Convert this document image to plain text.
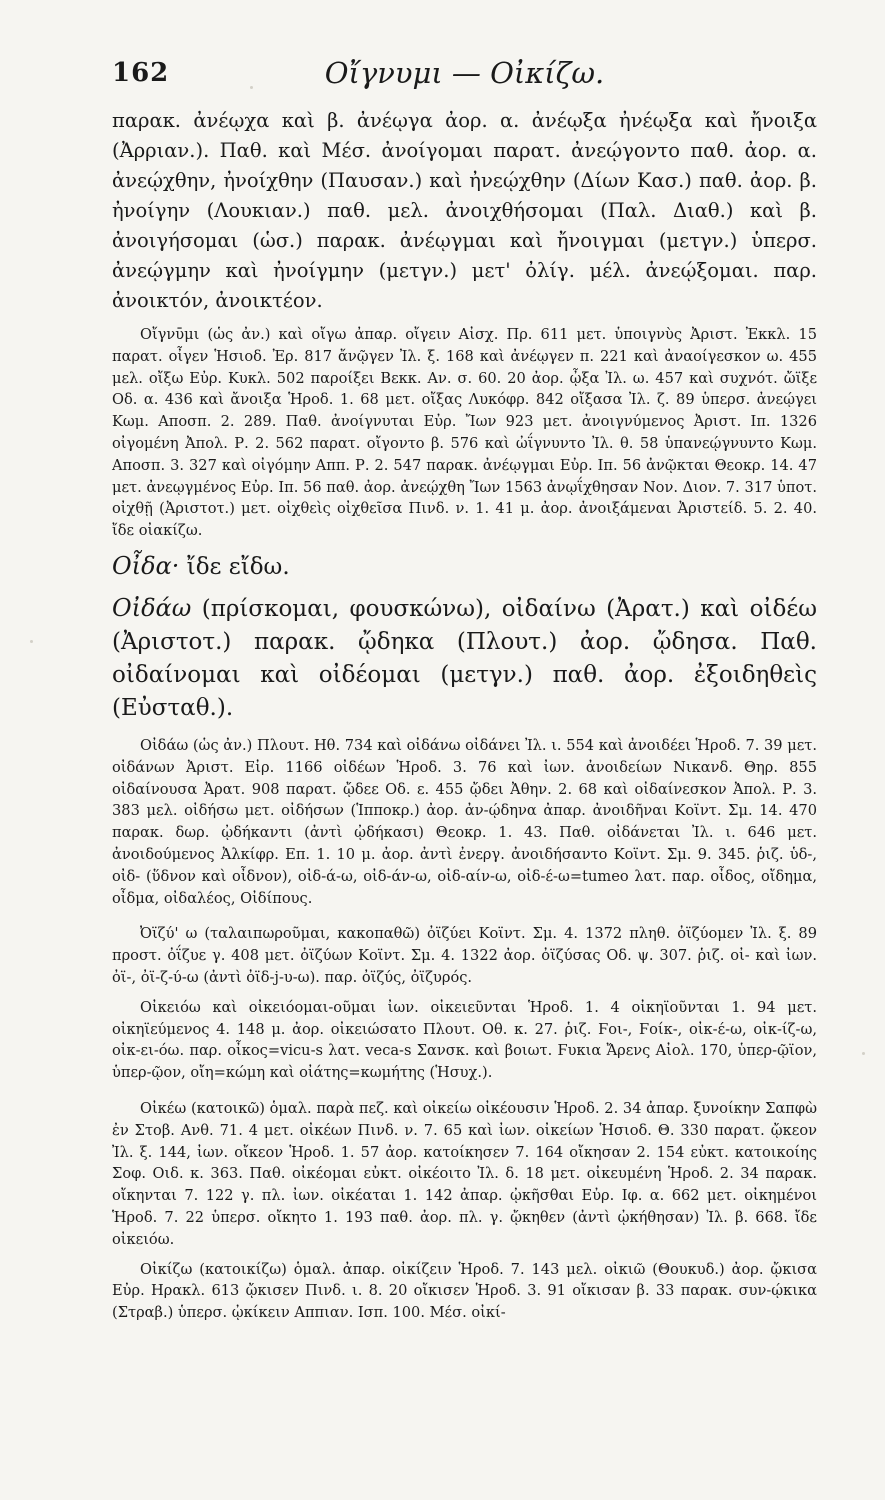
162	Οἴγνυμι — Οἰκίζω.

παρακ. ἀνέῳχα καὶ β. ἀνέῳγα ἀορ. α. ἀνέῳξα ἠνέῳξα καὶ ἤνοιξα (Ἀρριαν.). Παθ. καὶ Μέσ. ἀνοίγομαι παρατ. ἀνεῴγοντο παθ. ἀορ. α. ἀνεῴχθην, ἠνοίχθην (Παυσαν.) καὶ ἠνεῴχθην (Δίων Κασ.) παθ. ἀορ. β. ἠνοίγην (Λουκιαν.) παθ. μελ. ἀνοιχθήσομαι (Παλ. Διαθ.) καὶ β. ἀνοιγήσομαι (ὡσ.) παρακ. ἀνέῳγμαι καὶ ἤνοιγμαι (μετγν.) ὑπερσ. ἀνεῴγμην καὶ ἠνοίγμην (μετγν.) μετ' ὀλίγ. μέλ. ἀνεῴξομαι. παρ. ἀνοικτόν, ἀνοικτέον.

Οἴγνῡμι (ὡς ἀν.) καὶ οἴγω ἀπαρ. οἴγειν Αἰσχ. Πρ. 611 μετ. ὑποιγνὺς Ἀριστ. Ἐκκλ. 15 παρατ. οἶγεν Ἡσιοδ. Ἐρ. 817 ἄνῷγεν Ἰλ. ξ. 168 καὶ ἀνέῳγεν π. 221 καὶ ἀναοίγεσκον ω. 455 μελ. οἴξω Εὐρ. Κυκλ. 502 παροίξει Βεκκ. Αν. σ. 60. 20 ἀορ. ᾦξα Ἰλ. ω. 457 καὶ συχνότ. ὤϊξε Οδ. α. 436 καὶ ἄνοιξα Ἡροδ. 1. 68 μετ. οἴξας Λυκόφρ. 842 οἴξασα Ἰλ. ζ. 89 ὑπερσ. ἀνεῴγει Κωμ. Αποσπ. 2. 289. Παθ. ἀνοίγνυται Εὐρ. Ἴων 923 μετ. ἀνοιγνύμενος Ἀριστ. Ιπ. 1326 οἰγομένη Ἀπολ. Ρ. 2. 562 παρατ. οἴγοντο β. 576 καὶ ὠΐγνυντο Ἰλ. θ. 58 ὑπανεῴγνυντο Κωμ. Αποσπ. 3. 327 καὶ οἰγόμην Αππ. Ρ. 2. 547 παρακ. ἀνέῳγμαι Εὐρ. Ιπ. 56 ἀνῷκται Θεοκρ. 14. 47 μετ. ἀνεῳγμένος Εὐρ. Ιπ. 56 παθ. ἀορ. ἀνεῴχθη Ἴων 1563 ἀνῳΐχθησαν Νον. Διον. 7. 317 ὑποτ. οἰχθῇ (Ἀριστοτ.) μετ. οἰχθεὶς οἰχθεῖσα Πινδ. ν. 1. 41 μ. ἀορ. ἀνοιξάμεναι Ἀριστείδ. 5. 2. 40. ἴδε οἰακίζω.

Οἶδα· ἴδε εἴδω.

Οἰδάω (πρίσκομαι, φουσκώνω), οἰδαίνω (Ἀρατ.) καὶ οἰδέω (Ἀριστοτ.) παρακ. ᾤδηκα (Πλουτ.) ἀορ. ᾤδησα. Παθ. οἰδαίνομαι καὶ οἰδέομαι (μετγν.) παθ. ἀορ. ἐξοιδηθεὶς (Εὐσταθ.).

Οἰδάω (ὡς ἀν.) Πλουτ. Ηθ. 734 καὶ οἰδάνω οἰδάνει Ἰλ. ι. 554 καὶ ἀνοιδέει Ἡροδ. 7. 39 μετ. οἰδάνων Ἀριστ. Εἰρ. 1166 οἰδέων Ἡροδ. 3. 76 καὶ ἰων. ἀνοιδείων Νικανδ. Θηρ. 855 οἰδαίνουσα Ἀρατ. 908 παρατ. ᾤδεε Οδ. ε. 455 ᾤδει Ἀθην. 2. 68 καὶ οἰδαίνεσκον Ἀπολ. Ρ. 3. 383 μελ. οἰδήσω μετ. οἰδήσων (Ἱπποκρ.) ἀορ. ἀν-ῴδηνα ἀπαρ. ἀνοιδῆναι Κοϊντ. Σμ. 14. 470 παρακ. δωρ. ᾠδήκαντι (ἀντὶ ᾠδήκασι) Θεοκρ. 1. 43. Παθ. οἰδάνεται Ἰλ. ι. 646 μετ. ἀνοιδούμενος Ἀλκίφρ. Επ. 1. 10 μ. ἀορ. ἀντὶ ἐνεργ. ἀνοιδήσαντο Κοϊντ. Σμ. 9. 345. ῥιζ. ὑδ-, οἰδ- (ὕδνον καὶ οἶδνον), οἰδ-ά-ω, οἰδ-άν-ω, οἰδ-αίν-ω, οἰδ-έ-ω=tumeo λατ. παρ. οἶδος, οἴδημα, οἶδμα, οἰδαλέος, Οἰδίπους.

Ὀϊζύ' ω (ταλαιπωροῦμαι, κακοπαθῶ) ὀϊζύει Κοϊντ. Σμ. 4. 1372 πληθ. ὀϊζύομεν Ἰλ. ξ. 89 προστ. ὀΐζυε γ. 408 μετ. ὀϊζύων Κοϊντ. Σμ. 4. 1322 ἀορ. ὀϊζύσας Οδ. ψ. 307. ῥιζ. οἰ- καὶ ἰων. ὀϊ-, ὀϊ-ζ-ύ-ω (ἀντὶ ὀϊδ-j-υ-ω). παρ. ὀϊζύς, ὀϊζυρός.

Οἰκειόω καὶ οἰκειόομαι-οῦμαι ἰων. οἰκειεῦνται Ἡροδ. 1. 4 οἰκηϊοῦνται 1. 94 μετ. οἰκηϊεύμενος 4. 148 μ. ἀορ. οἰκειώσατο Πλουτ. Οθ. κ. 27. ῥιζ. Ϝοι-, Ϝοίκ-, οἰκ-έ-ω, οἰκ-ίζ-ω, οἰκ-ει-όω. παρ. οἶκος=vicu-s λατ. veca-s Σανσκ. καὶ βοιωτ. Ϝυκια Ἄρενς Αἰολ. 170, ὑπερ-ῷϊον, ὑπερ-ῷον, οἴη=κώμη καὶ οἰάτης=κωμήτης (Ἡσυχ.).

Οἰκέω (κατοικῶ) ὁμαλ. παρὰ πεζ. καὶ οἰκείω οἰκέουσιν Ἡροδ. 2. 34 ἀπαρ. ξυνοίκην Σαπφὼ ἐν Στοβ. Ανθ. 71. 4 μετ. οἰκέων Πινδ. ν. 7. 65 καὶ ἰων. οἰκείων Ἡσιοδ. Θ. 330 παρατ. ᾤκεον Ἰλ. ξ. 144, ἰων. οἴκεον Ἡροδ. 1. 57 ἀορ. κατοίκησεν 7. 164 οἴκησαν 2. 154 εὐκτ. κατοικοίης Σοφ. Οιδ. κ. 363. Παθ. οἰκέομαι εὐκτ. οἰκέοιτο Ἰλ. δ. 18 μετ. οἰκευμένη Ἡροδ. 2. 34 παρακ. οἴκηνται 7. 122 γ. πλ. ἰων. οἰκέαται 1. 142 ἀπαρ. ᾠκῆσθαι Εὐρ. Ιφ. α. 662 μετ. οἰκημένοι Ἡροδ. 7. 22 ὑπερσ. οἴκητο 1. 193 παθ. ἀορ. πλ. γ. ᾤκηθεν (ἀντὶ ᾠκήθησαν) Ἰλ. β. 668. ἴδε οἰκειόω.

Οἰκίζω (κατοικίζω) ὁμαλ. ἀπαρ. οἰκίζειν Ἡροδ. 7. 143 μελ. οἰκιῶ (Θουκυδ.) ἀορ. ᾤκισα Εὐρ. Ηρακλ. 613 ᾤκισεν Πινδ. ι. 8. 20 οἴκισεν Ἡροδ. 3. 91 οἴκισαν β. 33 παρακ. συν-ῴκικα (Στραβ.) ὑπερσ. ᾠκίκειν Αππιαν. Ισπ. 100. Μέσ. οἰκί-
